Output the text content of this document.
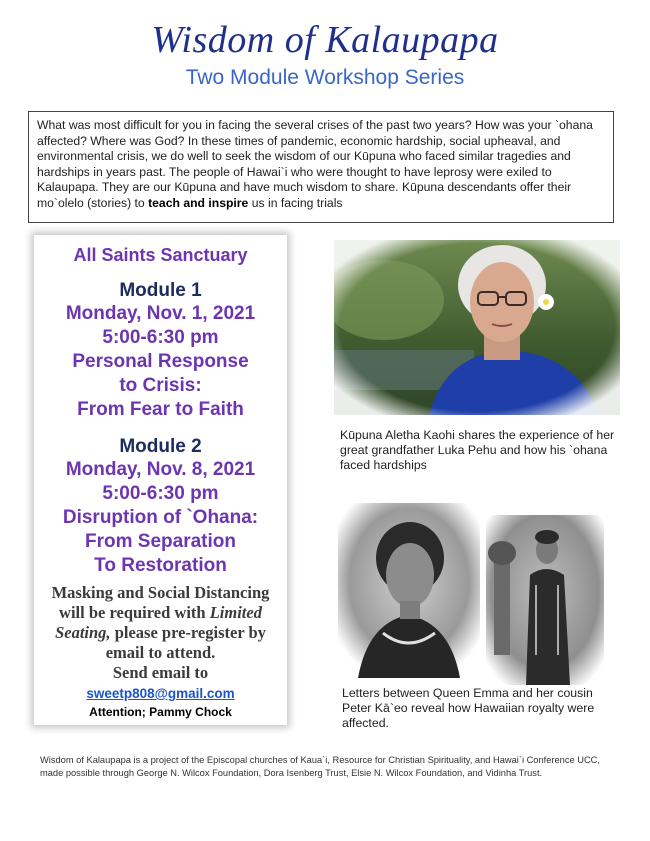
Wisdom of Kalaupapa
Two Module Workshop Series
What was most difficult for you in facing the several crises of the past two years? How was your `ohana affected? Where was God? In these times of pandemic, economic hardship, social upheaval, and environmental crisis, we do well to seek the wisdom of our Kūpuna who faced similar tragedies and hardships in years past. The people of Hawai`i who were thought to have leprosy were exiled to Kalaupapa. They are our Kūpuna and have much wisdom to share. Kūpuna descendants offer their mo`olelo (stories) to teach and inspire us in facing trials
All Saints Sanctuary
Module 1
Monday, Nov. 1, 2021
5:00-6:30 pm
Personal Response
to Crisis:
From Fear to Faith
Module 2
Monday, Nov. 8, 2021
5:00-6:30 pm
Disruption of `Ohana:
From Separation
To Restoration
Masking and Social Distancing will be required with Limited Seating, please pre-register by email to attend.
Send email to
sweetp808@gmail.com
Attention; Pammy Chock
Kūpuna Aletha Kaohi shares the experience of her great grandfather Luka Pehu and how his `ohana faced hardships
Letters between Queen Emma and her cousin Peter Kā`eo reveal how Hawaiian royalty were affected.
Wisdom of Kalaupapa is a project of the Episcopal churches of Kaua`i, Resource for Christian Spirituality, and Hawai`i Conference UCC, made possible through George N. Wilcox Foundation, Dora Isenberg Trust, Elsie N. Wilcox Foundation, and Vidinha Trust.
